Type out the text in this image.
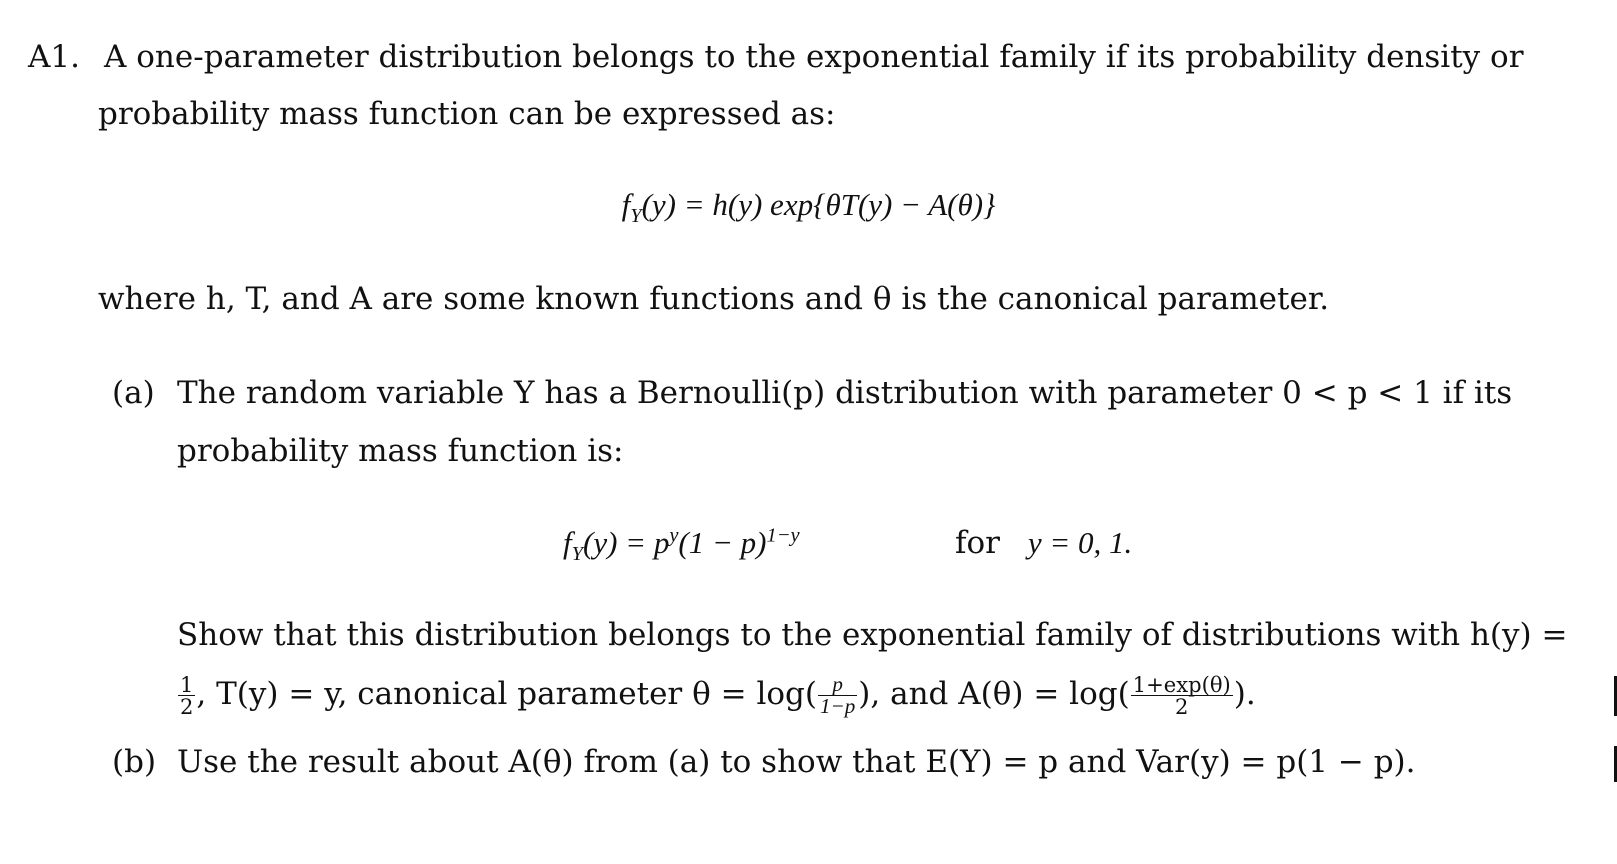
A1. A one-parameter distribution belongs to the exponential family if its probability density or
probability mass function can be expressed as:
$f_Y(y) = h(y) \exp\{\theta T(y) - A(\theta)\}$
where h, T, and A are some known functions and θ is the canonical parameter.
(a) The random variable Y has a Bernoulli(p) distribution with parameter 0 < p < 1 if its
probability mass function is:
$f_Y(y) = p^y(1 - p)^{1-y}$	for y = 0, 1.
Show that this distribution belongs to the exponential family of distributions with h(y) =
$\frac{1}{2}$ , T(y) = y, canonical parameter $\theta = \log( \frac{p}{1-p}$ ), and $A(\theta) = \log( \frac{1+\exp(\theta)}{2}$ ).
(b) Use the result about A(θ) from (a) to show that E(Y) = p and Var(y) = p(1 − p).
